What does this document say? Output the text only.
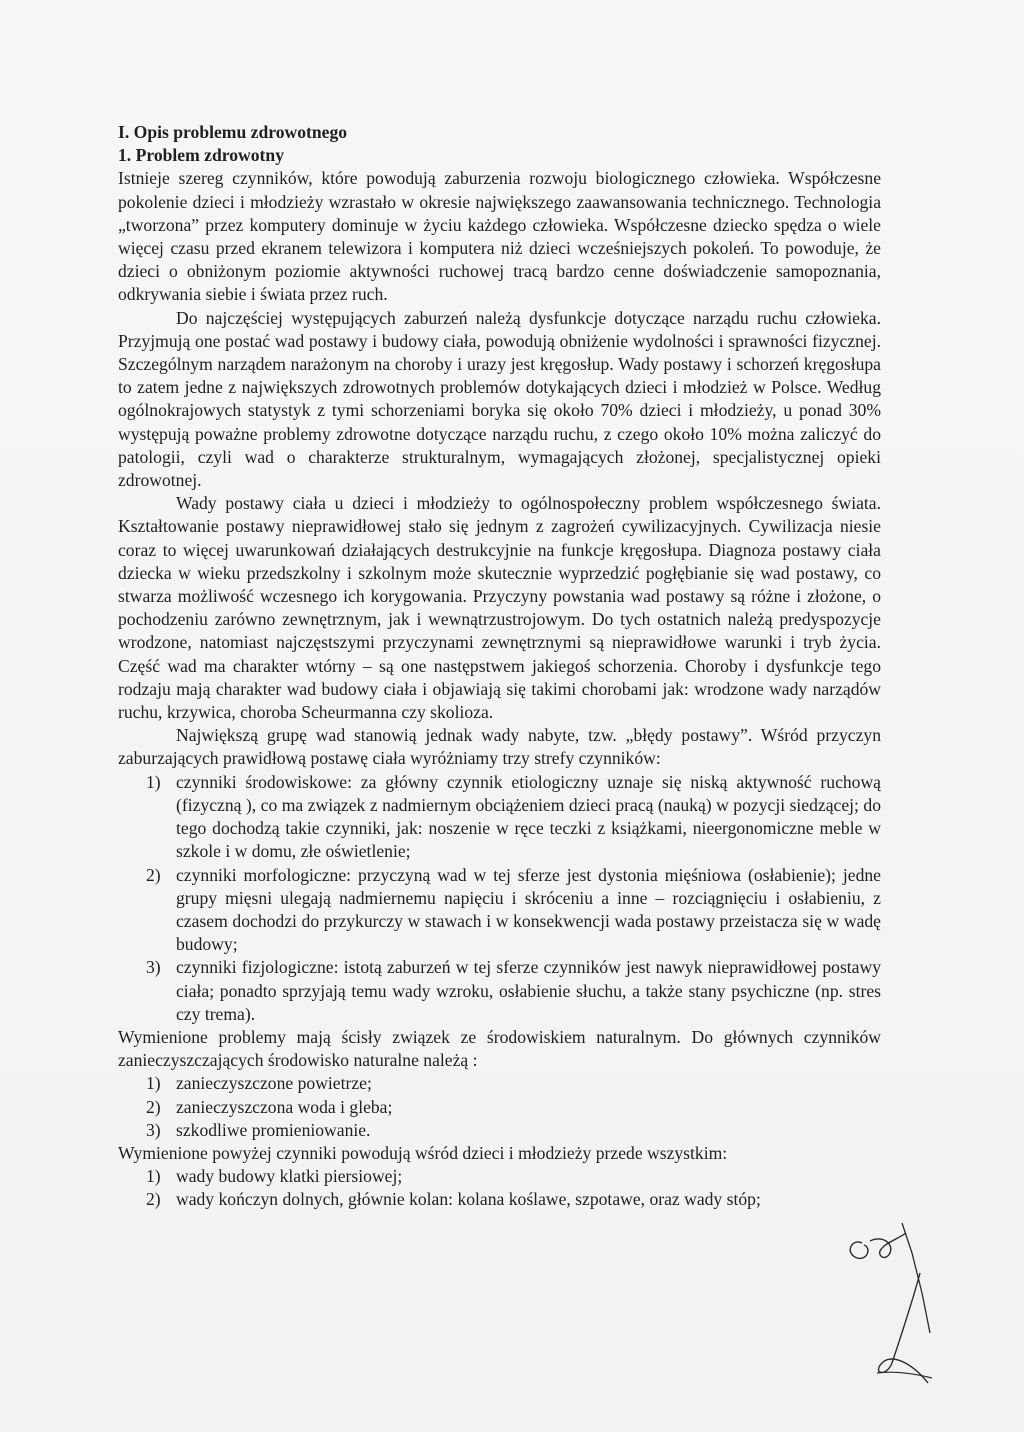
I. Opis problemu zdrowotnego
1. Problem zdrowotny

Istnieje szereg czynników, które powodują zaburzenia rozwoju biologicznego człowieka. Współczesne pokolenie dzieci i młodzieży wzrastało w okresie największego zaawansowania technicznego. Technologia „tworzona” przez komputery dominuje w życiu każdego człowieka. Współczesne dziecko spędza o wiele więcej czasu przed ekranem telewizora i komputera niż dzieci wcześniejszych pokoleń. To powoduje, że dzieci o obniżonym poziomie aktywności ruchowej tracą bardzo cenne doświadczenie samopoznania, odkrywania siebie i świata przez ruch.

Do najczęściej występujących zaburzeń należą dysfunkcje dotyczące narządu ruchu człowieka. Przyjmują one postać wad postawy i budowy ciała, powodują obniżenie wydolności i sprawności fizycznej. Szczególnym narządem narażonym na choroby i urazy jest kręgosłup. Wady postawy i schorzeń kręgosłupa to zatem jedne z największych zdrowotnych problemów dotykających dzieci i młodzież w Polsce. Według ogólnokrajowych statystyk z tymi schorzeniami boryka się około 70% dzieci i młodzieży, u ponad 30% występują poważne problemy zdrowotne dotyczące narządu ruchu, z czego około 10% można zaliczyć do patologii, czyli wad o charakterze strukturalnym, wymagających złożonej, specjalistycznej opieki zdrowotnej.

Wady postawy ciała u dzieci i młodzieży to ogólnospołeczny problem współczesnego świata. Kształtowanie postawy nieprawidłowej stało się jednym z zagrożeń cywilizacyjnych. Cywilizacja niesie coraz to więcej uwarunkowań działających destrukcyjnie na funkcje kręgosłupa. Diagnoza postawy ciała dziecka w wieku przedszkolny i szkolnym może skutecznie wyprzedzić pogłębianie się wad postawy, co stwarza możliwość wczesnego ich korygowania. Przyczyny powstania wad postawy są różne i złożone, o pochodzeniu zarówno zewnętrznym, jak i wewnątrzustrojowym. Do tych ostatnich należą predyspozycje wrodzone, natomiast najczęstszymi przyczynami zewnętrznymi są nieprawidłowe warunki i tryb życia. Część wad ma charakter wtórny – są one następstwem jakiegoś schorzenia. Choroby i dysfunkcje tego rodzaju mają charakter wad budowy ciała i objawiają się takimi chorobami jak: wrodzone wady narządów ruchu, krzywica, choroba Scheurmanna czy skolioza.

Największą grupę wad stanowią jednak wady nabyte, tzw. „błędy postawy”. Wśród przyczyn zaburzających prawidłową postawę ciała wyróżniamy trzy strefy czynników:

1) czynniki środowiskowe: za główny czynnik etiologiczny uznaje się niską aktywność ruchową (fizyczną ), co ma związek z nadmiernym obciążeniem dzieci pracą (nauką) w pozycji siedzącej; do tego dochodzą takie czynniki, jak: noszenie w ręce teczki z książkami, nieergonomiczne meble w szkole i w domu, złe oświetlenie;
2) czynniki morfologiczne: przyczyną wad w tej sferze jest dystonia mięśniowa (osłabienie); jedne grupy mięsni ulegają nadmiernemu napięciu i skróceniu a inne – rozciągnięciu i osłabieniu, z czasem dochodzi do przykurczy w stawach i w konsekwencji wada postawy przeistacza się w wadę budowy;
3) czynniki fizjologiczne: istotą zaburzeń w tej sferze czynników jest nawyk nieprawidłowej postawy ciała; ponadto sprzyjają temu wady wzroku, osłabienie słuchu, a także stany psychiczne (np. stres czy trema).

Wymienione problemy mają ścisły związek ze środowiskiem naturalnym. Do głównych czynników zanieczyszczających środowisko naturalne należą :

1) zanieczyszczone powietrze;
2) zanieczyszczona woda i gleba;
3) szkodliwe promieniowanie.

Wymienione powyżej czynniki powodują wśród dzieci i młodzieży przede wszystkim:

1) wady budowy klatki piersiowej;
2) wady kończyn dolnych, głównie kolan: kolana koślawe, szpotawe, oraz wady stóp;
